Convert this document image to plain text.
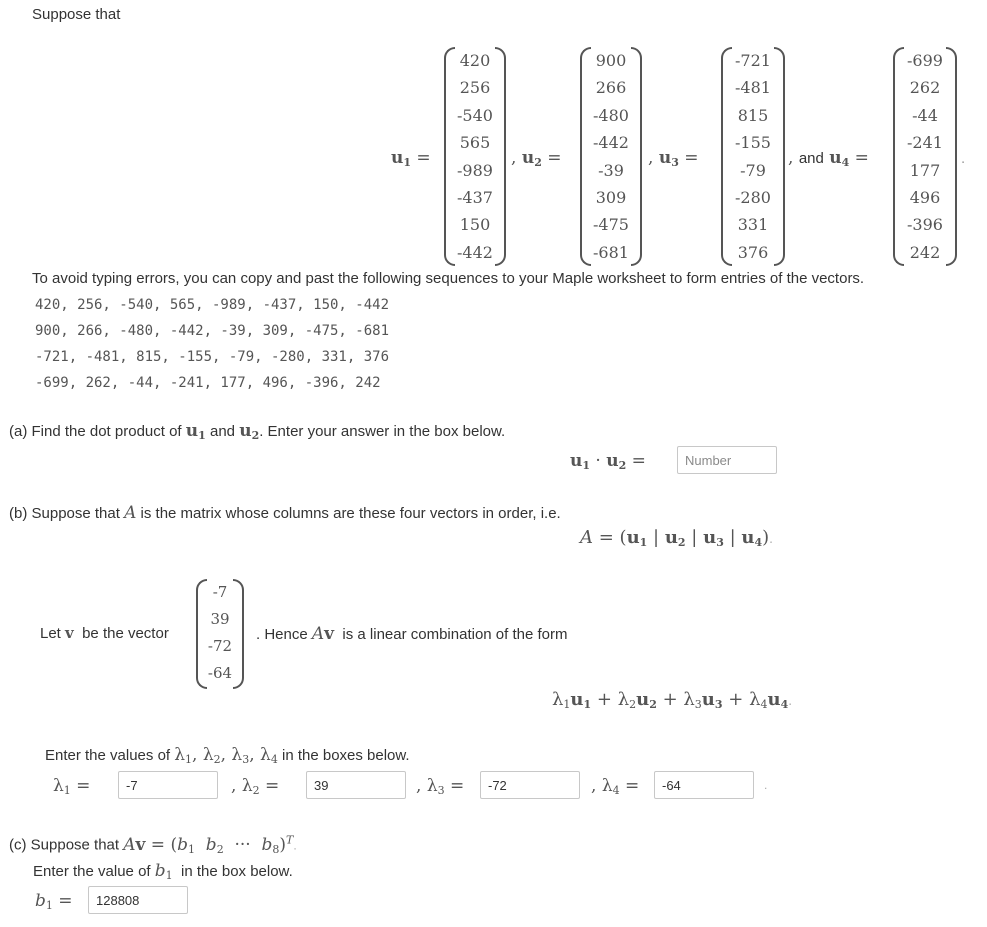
Suppose that
$u_1$ =
420
256
-540
565
-989
-437
150
-442
, $u_2$ =
900
266
-480
-442
-39
309
-475
-681
, $u_3$ =
-721
-481
815
-155
-79
-280
331
376
, and $u_4$ =
-699
262
-44
-241
177
496
-396
242
.
To avoid typing errors, you can copy and past the following sequences to your Maple worksheet to form entries of the vectors.
420, 256, -540, 565, -989, -437, 150, -442
900, 266, -480, -442, -39, 309, -475, -681
-721, -481, 815, -155, -79, -280, 331, 376
-699, 262, -44, -241, 177, 496, -396, 242
(a) Find the dot product of $u_1$ and $u_2$. Enter your answer in the box below.
$u_1 \cdot u_2$ =	Number
(b) Suppose that A is the matrix whose columns are these four vectors in order, i.e.
$A = (u_1$ | $u_2$ | $u_3$ | $u_4$).
Let v be the vector
-7
39
-72
-64
. Hence Av is a linear combination of the form
$\lambda_1u_1 + \lambda_2u_2 + \lambda_3u_3 + \lambda_4u_4$.
Enter the values of $\lambda_1$, $\lambda_2$, $\lambda_3$, $\lambda_4$ in the boxes below.
$\lambda_1$ =	-7	, $\lambda_2$ =	39	, $\lambda_3$ =	-72	, $\lambda_4$ =	-64	.
(c) Suppose that $Av = (b_1$ $b_2$  ···  $b_8)^T$.
Enter the value of $b_1$ in the box below.
$b_1$ =	128808
